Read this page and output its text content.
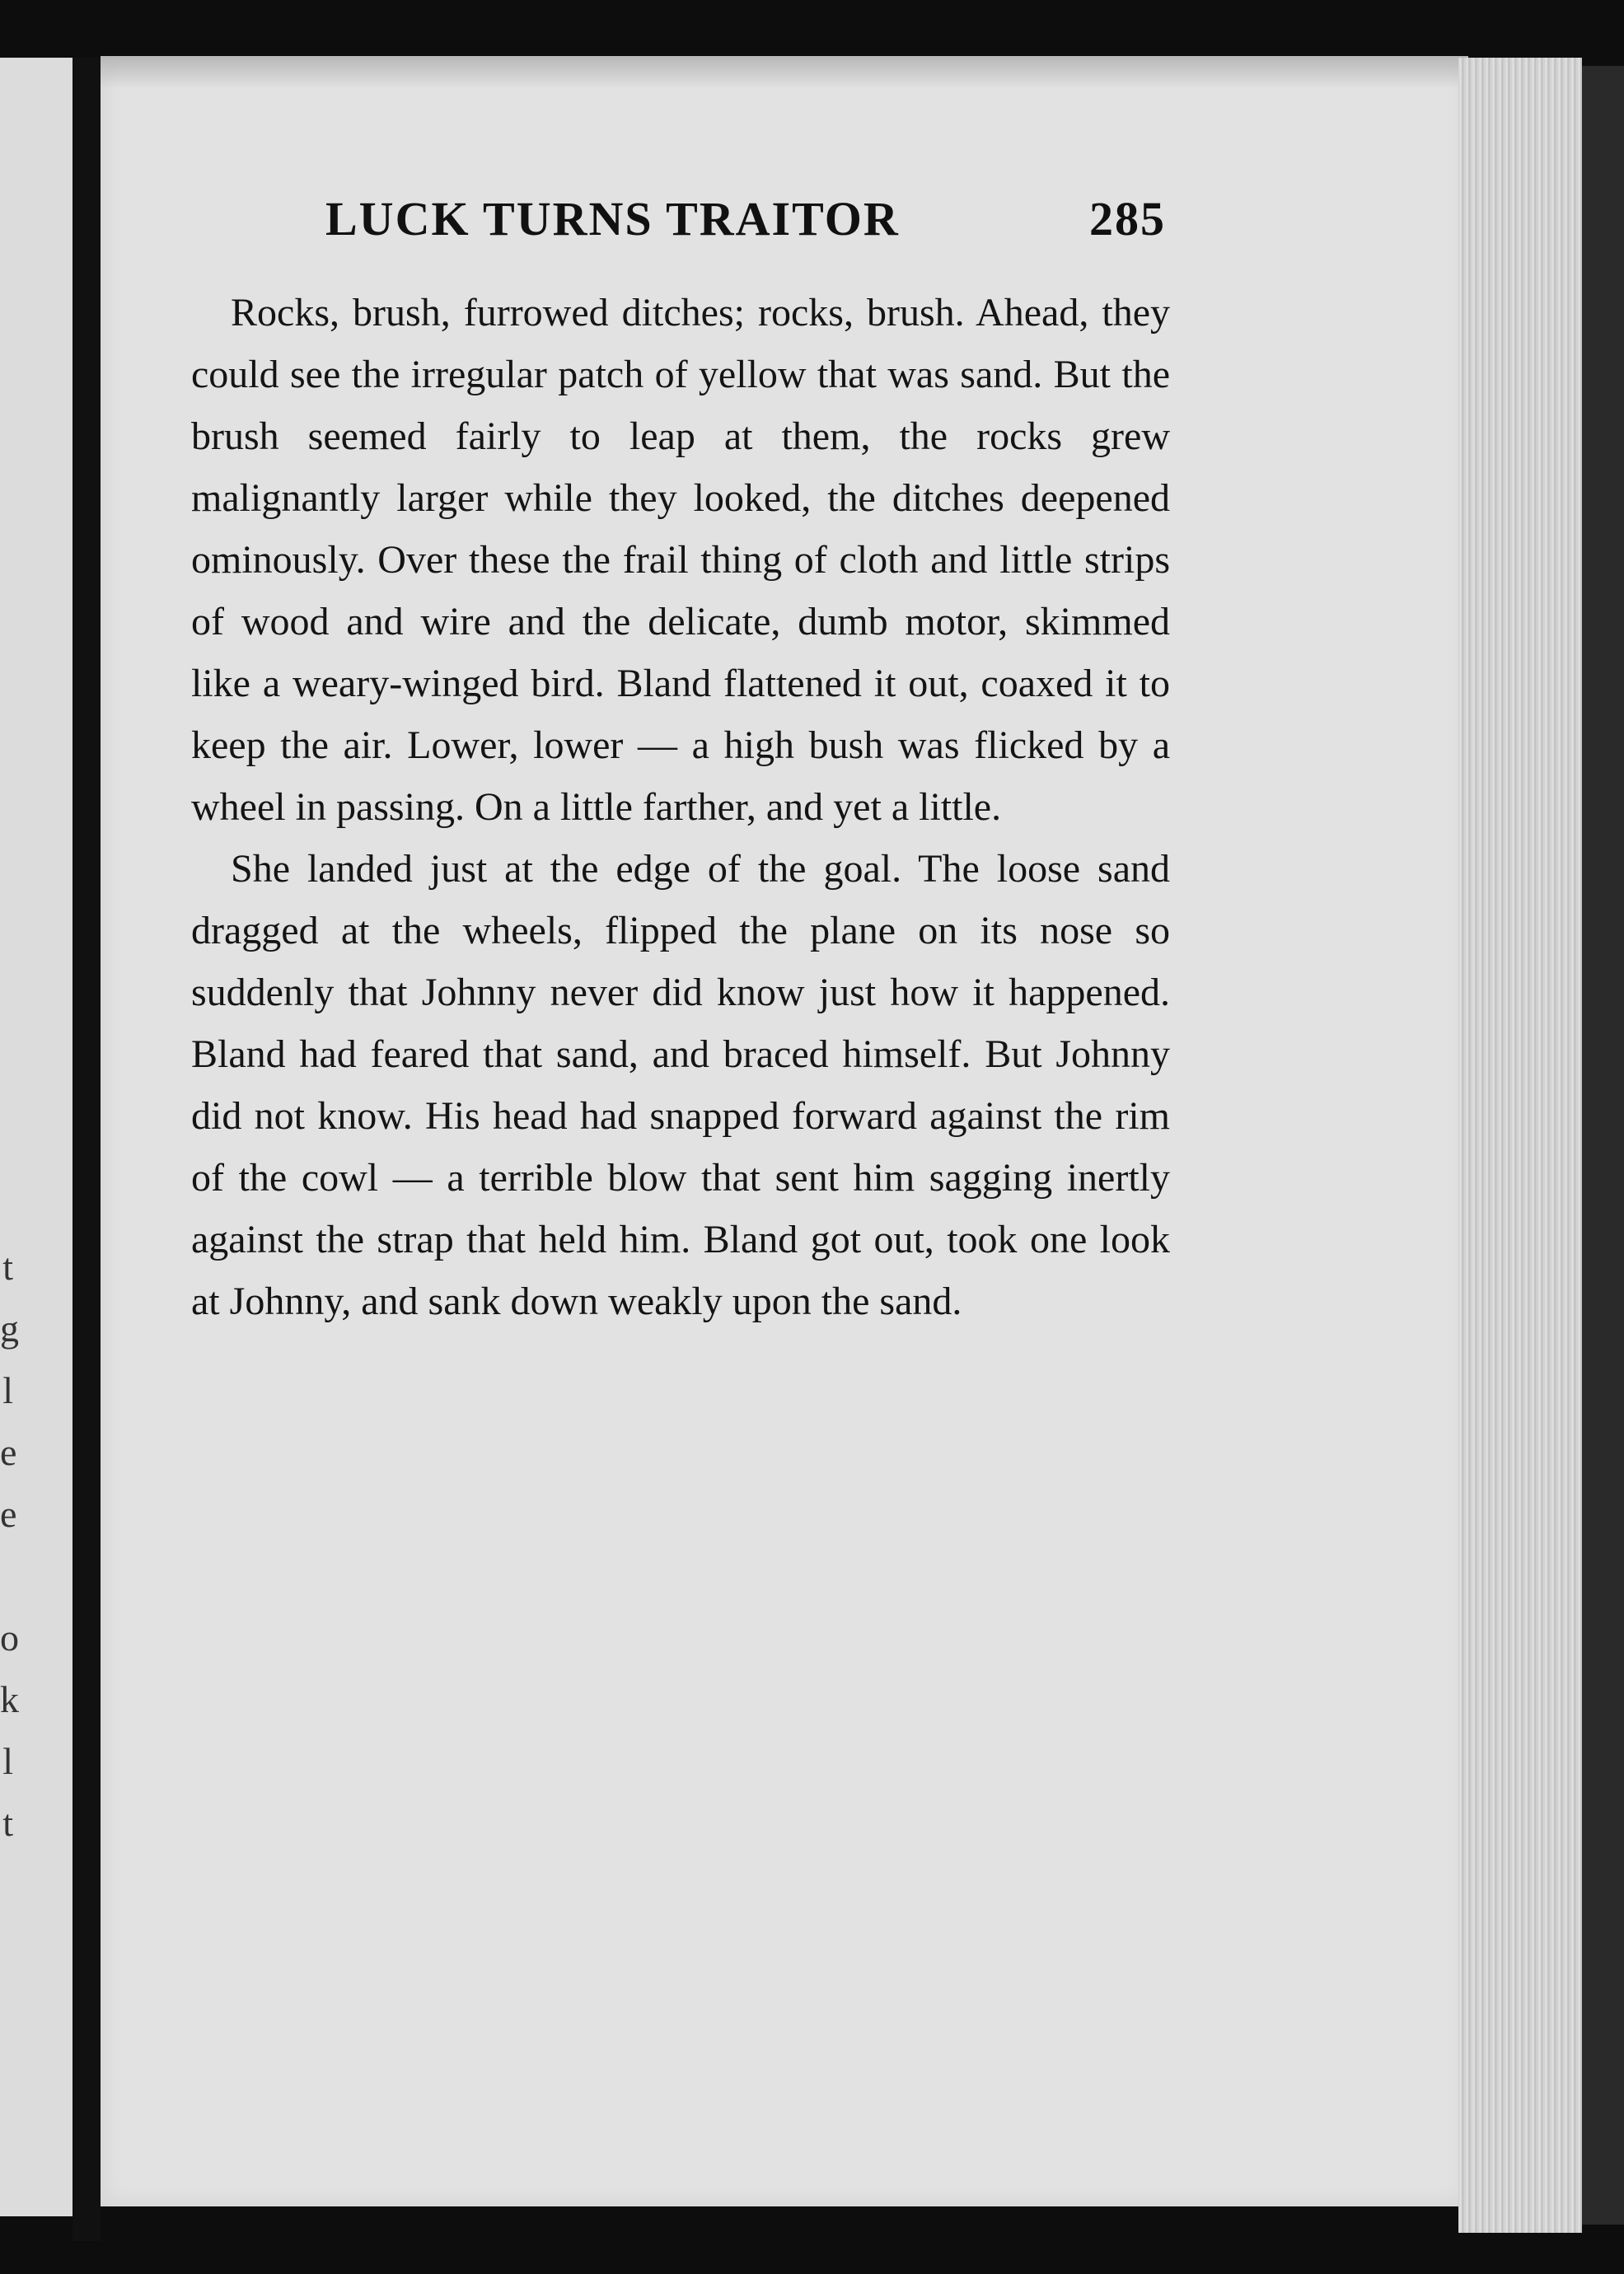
t
g
l
e
e
o
k
l
t
LUCK TURNS TRAITOR	285

Rocks, brush, furrowed ditches; rocks, brush. Ahead, they could see the irregular patch of yellow that was sand. But the brush seemed fairly to leap at them, the rocks grew malignantly larger while they looked, the ditches deepened ominously. Over these the frail thing of cloth and little strips of wood and wire and the delicate, dumb motor, skimmed like a weary-winged bird. Bland flattened it out, coaxed it to keep the air. Lower, lower — a high bush was flicked by a wheel in passing. On a little farther, and yet a little.

She landed just at the edge of the goal. The loose sand dragged at the wheels, flipped the plane on its nose so suddenly that Johnny never did know just how it happened. Bland had feared that sand, and braced himself. But Johnny did not know. His head had snapped forward against the rim of the cowl — a terrible blow that sent him sagging inertly against the strap that held him. Bland got out, took one look at Johnny, and sank down weakly upon the sand.
